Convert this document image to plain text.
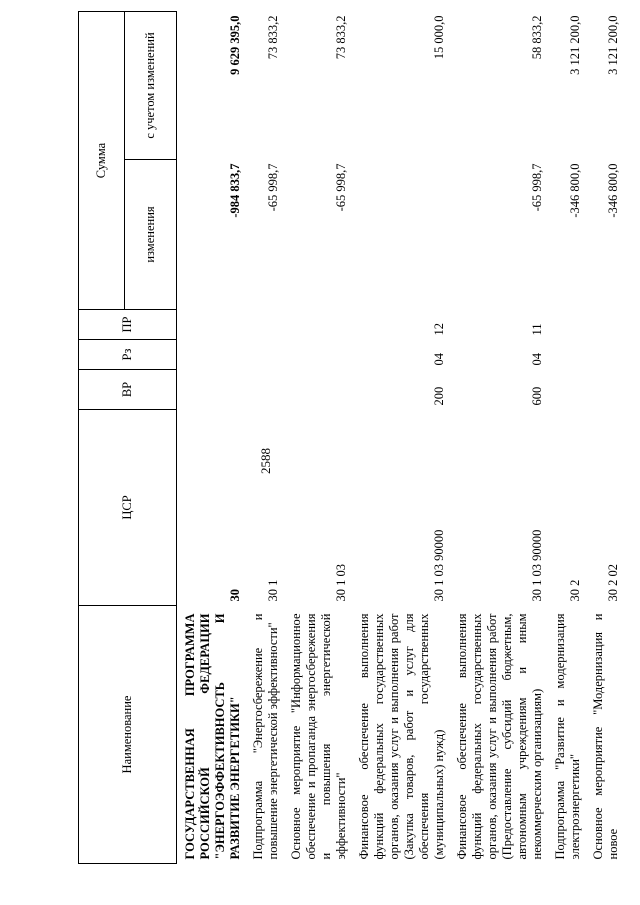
2588
Наименование	ЦСР	ВР	Рз	ПР	Сумма	
					изменения	с учетом изменений
ГОСУДАРСТВЕННАЯ ПРОГРАММА РОССИЙСКОЙ ФЕДЕРАЦИИ "ЭНЕРГОЭФФЕКТИВНОСТЬ И РАЗВИТИЕ ЭНЕРГЕТИКИ"	30				-984 833,7	9 629 395,0
Подпрограмма "Энергосбережение и повышение энергетической эффективности"	30 1				-65 998,7	73 833,2
Основное мероприятие "Информационное обеспечение и пропаганда энергосбережения и повышения энергетической эффективности"	30 1 03				-65 998,7	73 833,2
Финансовое обеспечение выполнения функций федеральных государственных органов, оказания услуг и выполнения работ (Закупка товаров, работ и услуг для обеспечения государственных (муниципальных) нужд)	30 1 03 90000	200	04	12		15 000,0
Финансовое обеспечение выполнения функций федеральных государственных органов, оказания услуг и выполнения работ (Предоставление субсидий бюджетным, автономным учреждениям и иным некоммерческим организациям)	30 1 03 90000	600	04	11	-65 998,7	58 833,2
Подпрограмма "Развитие и модернизация электроэнергетики"	30 2				-346 800,0	3 121 200,0
Основное мероприятие "Модернизация и новое	30 2 02				-346 800,0	3 121 200,0
